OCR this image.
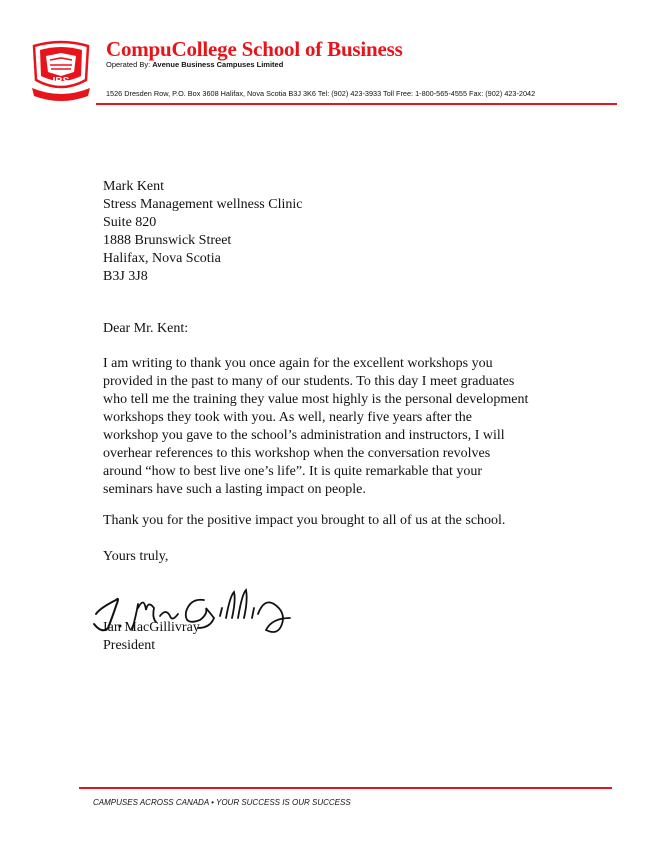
IBS
CompuCollege School of Business
Operated By: Avenue Business Campuses Limited
1526 Dresden Row, P.O. Box 3608 Halifax, Nova Scotia B3J 3K6 Tel: (902) 423-3933 Toll Free: 1-800-565-4555 Fax: (902) 423-2042
Mark Kent
Stress Management wellness Clinic
Suite 820
1888 Brunswick Street
Halifax, Nova Scotia
B3J 3J8
Dear Mr. Kent:
I am writing to thank you once again for the excellent workshops you
provided in the past to many of our students. To this day I meet graduates
who tell me the training they value most highly is the personal development
workshops they took with you. As well, nearly five years after the
workshop you gave to the school’s administration and instructors, I will
overhear references to this workshop when the conversation revolves
around “how to best live one’s life”. It is quite remarkable that your
seminars have such a lasting impact on people.
Thank you for the positive impact you brought to all of us at the school.
Yours truly,
Ian MacGillivray
President
CAMPUSES ACROSS CANADA • YOUR SUCCESS IS OUR SUCCESS
